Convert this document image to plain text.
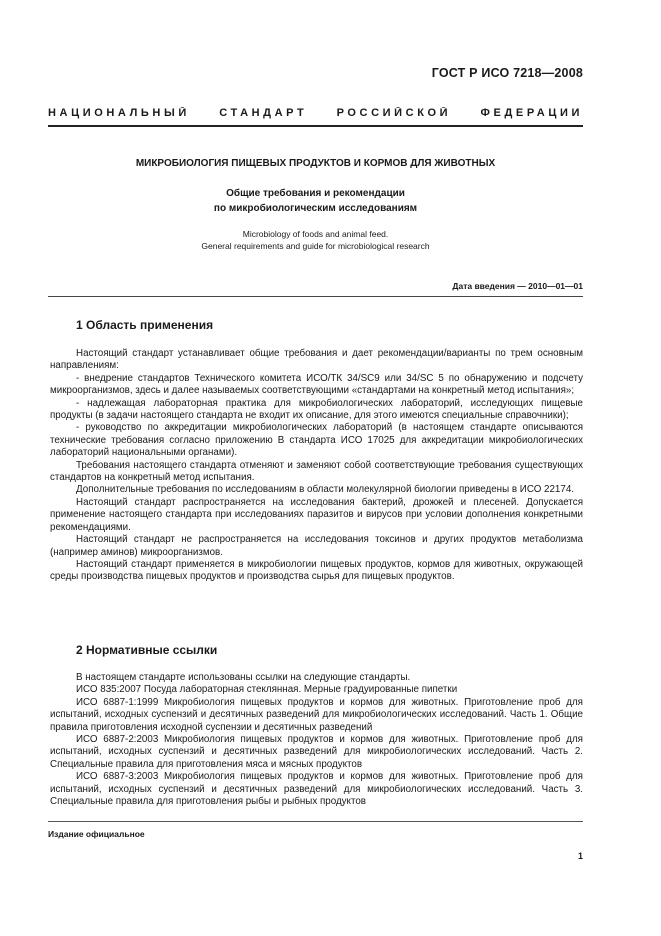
ГОСТ Р ИСО 7218—2008
НАЦИОНАЛЬНЫЙ СТАНДАРТ РОССИЙСКОЙ ФЕДЕРАЦИИ
МИКРОБИОЛОГИЯ ПИЩЕВЫХ ПРОДУКТОВ И КОРМОВ ДЛЯ ЖИВОТНЫХ
Общие требования и рекомендации
по микробиологическим исследованиям
Microbiology of foods and animal feed.
General requirements and guide for microbiological research
Дата введения — 2010—01—01
1 Область применения

Настоящий стандарт устанавливает общие требования и дает рекомендации/варианты по трем основным направлениям:

- внедрение стандартов Технического комитета ИСО/ТК 34/SC9 или 34/SC 5 по обнаружению и подсчету микроорганизмов, здесь и далее называемых соответствующими «стандартами на конкретный метод испытания»;

- надлежащая лабораторная практика для микробиологических лабораторий, исследующих пищевые продукты (в задачи настоящего стандарта не входит их описание, для этого имеются специальные справочники);

- руководство по аккредитации микробиологических лабораторий (в настоящем стандарте описываются технические требования согласно приложению В стандарта ИСО 17025 для аккредитации микробиологических лабораторий национальными органами).

Требования настоящего стандарта отменяют и заменяют собой соответствующие требования существующих стандартов на конкретный метод испытания.

Дополнительные требования по исследованиям в области молекулярной биологии приведены в ИСО 22174.

Настоящий стандарт распространяется на исследования бактерий, дрожжей и плесеней. Допускается применение настоящего стандарта при исследованиях паразитов и вирусов при условии дополнения конкретными рекомендациями.

Настоящий стандарт не распространяется на исследования токсинов и других продуктов метаболизма (например аминов) микроорганизмов.

Настоящий стандарт применяется в микробиологии пищевых продуктов, кормов для животных, окружающей среды производства пищевых продуктов и производства сырья для пищевых продуктов.

2 Нормативные ссылки

В настоящем стандарте использованы ссылки на следующие стандарты.

ИСО 835:2007 Посуда лабораторная стеклянная. Мерные градуированные пипетки

ИСО 6887-1:1999 Микробиология пищевых продуктов и кормов для животных. Приготовление проб для испытаний, исходных суспензий и десятичных разведений для микробиологических исследований. Часть 1. Общие правила приготовления исходной суспензии и десятичных разведений

ИСО 6887-2:2003 Микробиология пищевых продуктов и кормов для животных. Приготовление проб для испытаний, исходных суспензий и десятичных разведений для микробиологических исследований. Часть 2. Специальные правила для приготовления мяса и мясных продуктов

ИСО 6887-3:2003 Микробиология пищевых продуктов и кормов для животных. Приготовление проб для испытаний, исходных суспензий и десятичных разведений для микробиологических исследований. Часть 3. Специальные правила для приготовления рыбы и рыбных продуктов

Издание официальное
1
